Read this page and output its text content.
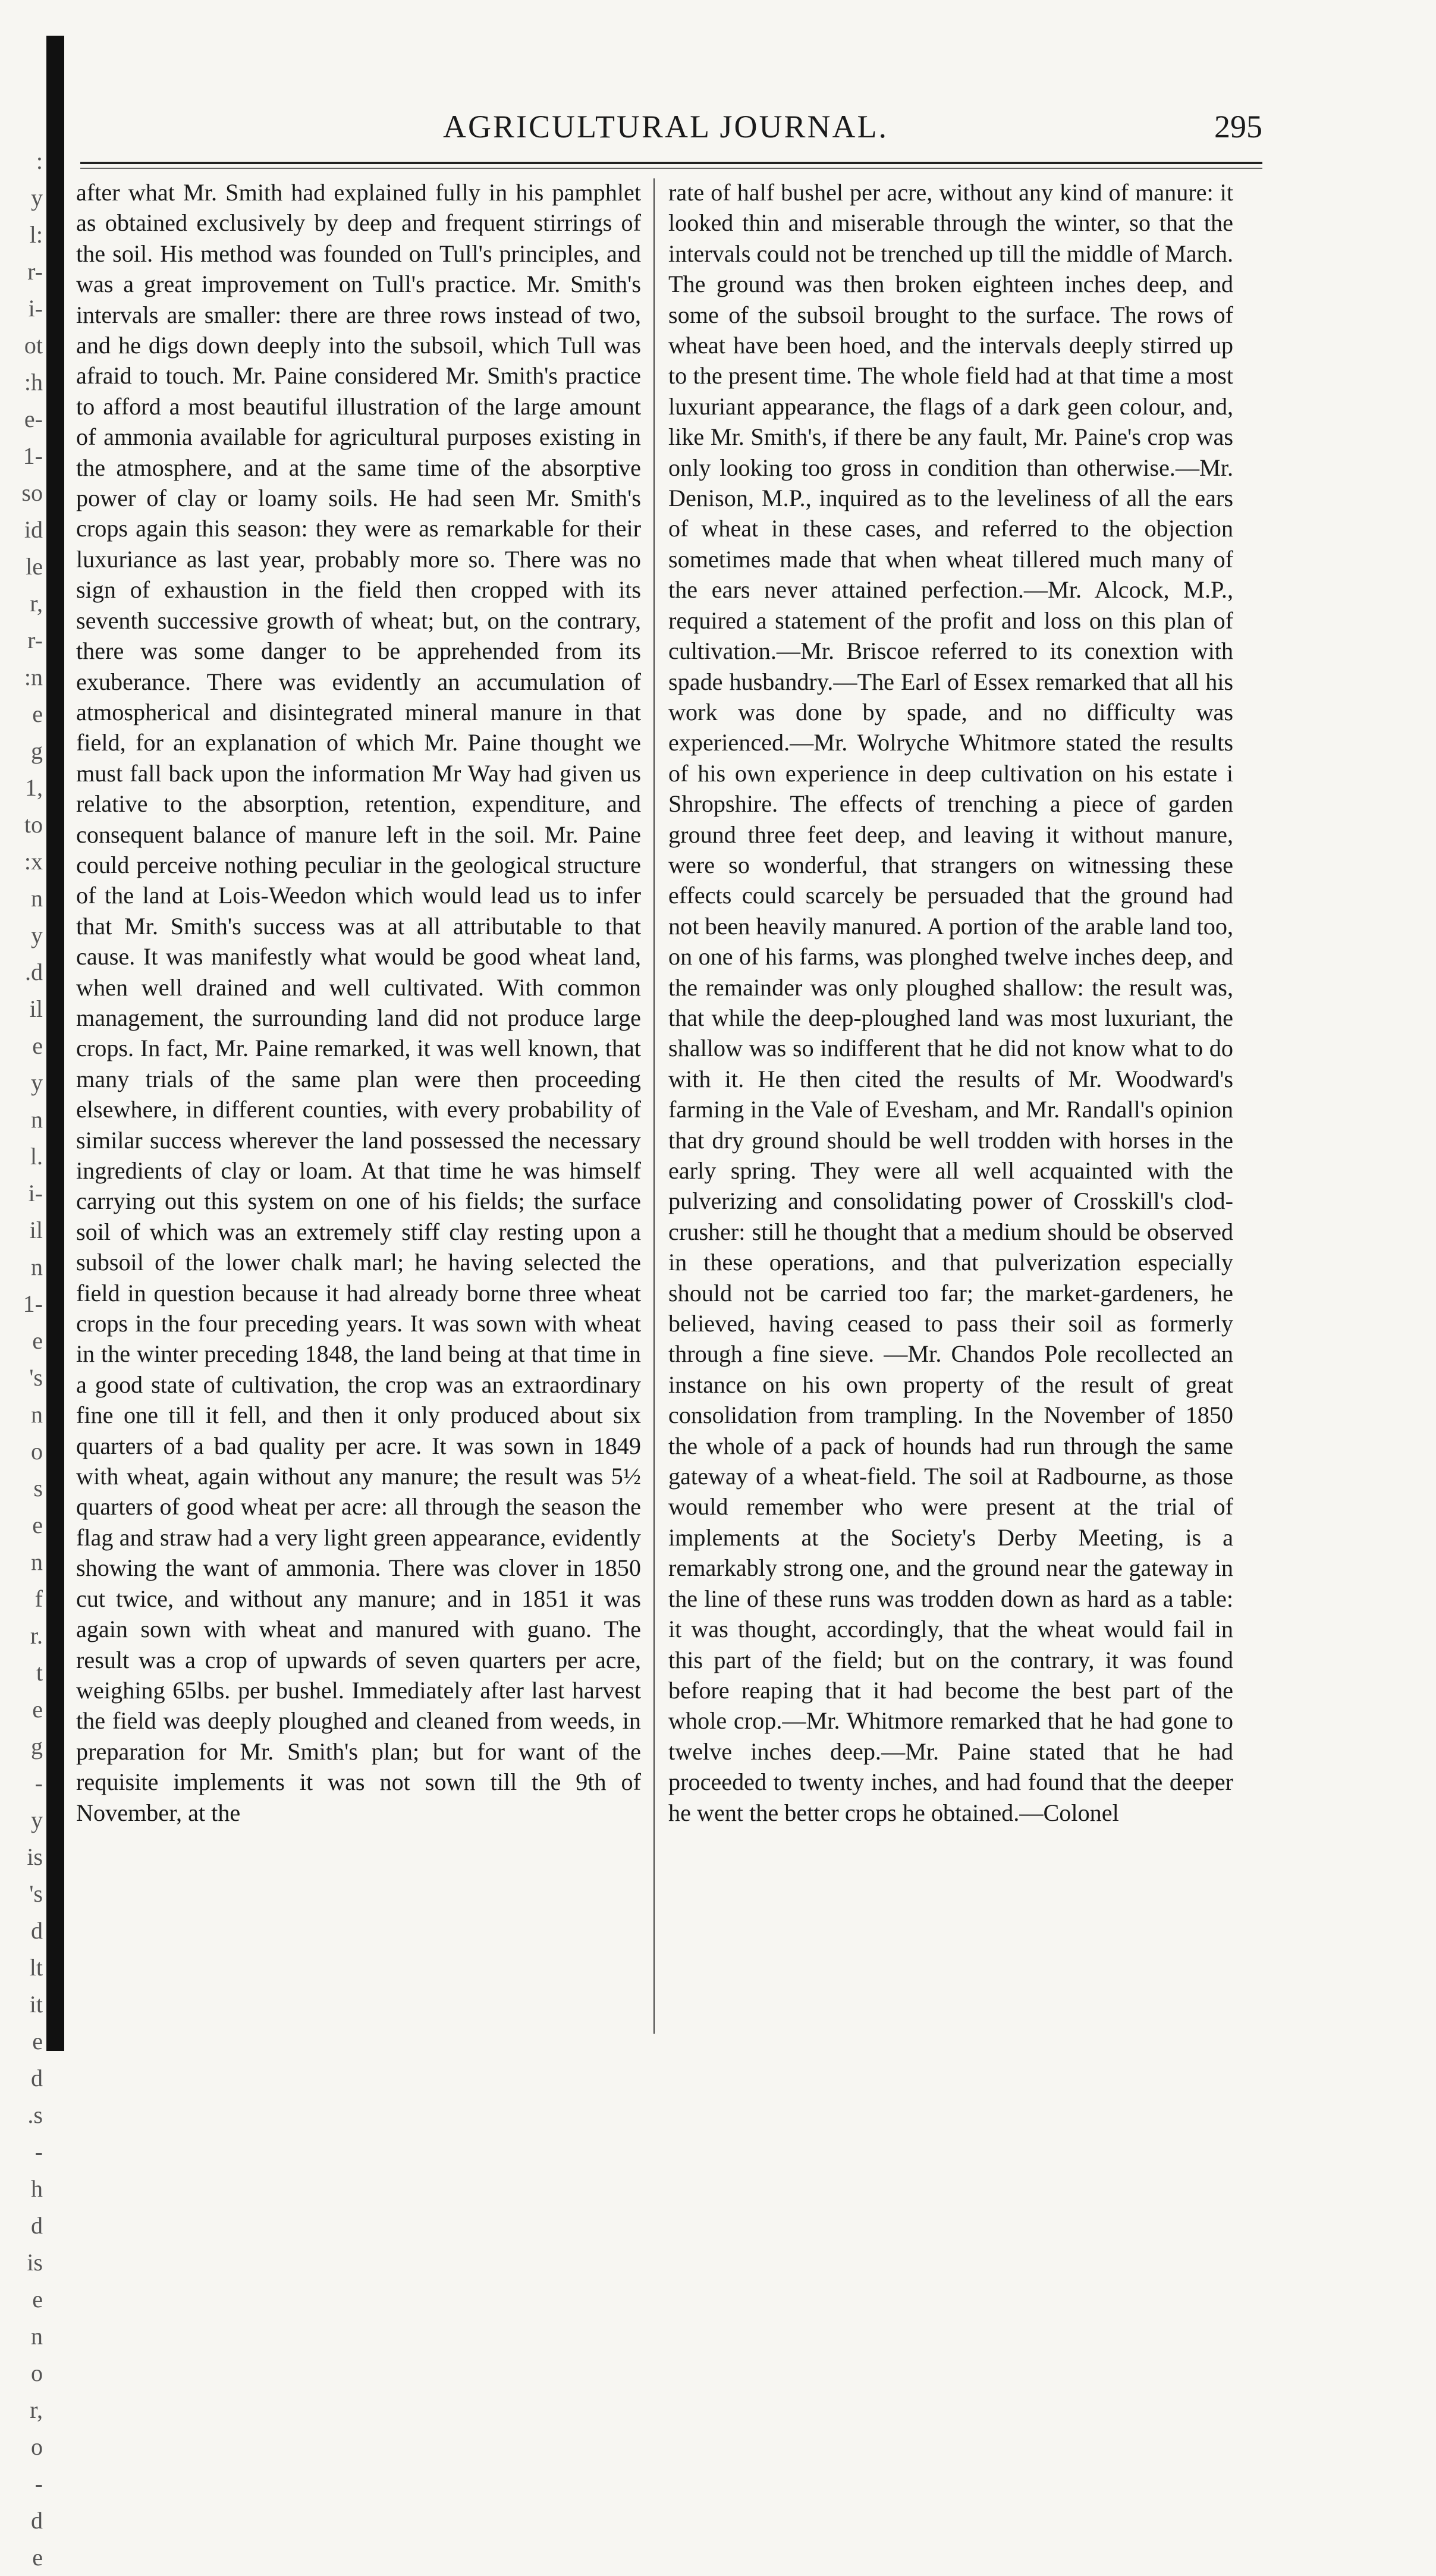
:
y
l:
r-
i-
ot
:h
e-
1-
so
id
le
r,
r-
:n
e
g
1,
to
:x
n
y
.d
il
e
y
n
l.
i-
il
n
1-
e
's
n
o
s
e
n
f
r.
t
e
g
-
y
is
's
d
lt
it
e
d
.s
-
h
d
is
e
n
o
r,
o
-
d
e
AGRICULTURAL JOURNAL.	295

after what Mr. Smith had explained fully in his pamphlet as obtained exclusively by deep and frequent stirrings of the soil. His method was founded on Tull's principles, and was a great improvement on Tull's practice. Mr. Smith's intervals are smaller: there are three rows instead of two, and he digs down deeply into the subsoil, which Tull was afraid to touch. Mr. Paine considered Mr. Smith's practice to afford a most beautiful illustration of the large amount of ammonia available for agricultural purposes existing in the atmosphere, and at the same time of the absorptive power of clay or loamy soils. He had seen Mr. Smith's crops again this season: they were as remarkable for their luxuriance as last year, probably more so. There was no sign of exhaustion in the field then cropped with its seventh successive growth of wheat; but, on the contrary, there was some danger to be apprehended from its exuberance. There was evidently an accumulation of atmospherical and disintegrated mineral manure in that field, for an explanation of which Mr. Paine thought we must fall back upon the information Mr Way had given us relative to the absorption, retention, expenditure, and consequent balance of manure left in the soil. Mr. Paine could perceive nothing peculiar in the geological structure of the land at Lois-Weedon which would lead us to infer that Mr. Smith's success was at all attributable to that cause. It was manifestly what would be good wheat land, when well drained and well cultivated. With common management, the surrounding land did not produce large crops. In fact, Mr. Paine remarked, it was well known, that many trials of the same plan were then proceeding elsewhere, in different counties, with every probability of similar success wherever the land possessed the necessary ingredients of clay or loam. At that time he was himself carrying out this system on one of his fields; the surface soil of which was an extremely stiff clay resting upon a subsoil of the lower chalk marl; he having selected the field in question because it had already borne three wheat crops in the four preceding years. It was sown with wheat in the winter preceding 1848, the land being at that time in a good state of cultivation, the crop was an extraordinary fine one till it fell, and then it only produced about six quarters of a bad quality per acre. It was sown in 1849 with wheat, again without any manure; the result was 5½ quarters of good wheat per acre: all through the season the flag and straw had a very light green appearance, evidently showing the want of ammonia. There was clover in 1850 cut twice, and without any manure; and in 1851 it was again sown with wheat and manured with guano. The result was a crop of upwards of seven quarters per acre, weighing 65lbs. per bushel. Immediately after last harvest the field was deeply ploughed and cleaned from weeds, in preparation for Mr. Smith's plan; but for want of the requisite implements it was not sown till the 9th of November, at the

rate of half bushel per acre, without any kind of manure: it looked thin and miserable through the winter, so that the intervals could not be trenched up till the middle of March. The ground was then broken eighteen inches deep, and some of the subsoil brought to the surface. The rows of wheat have been hoed, and the intervals deeply stirred up to the present time. The whole field had at that time a most luxuriant appearance, the flags of a dark geen colour, and, like Mr. Smith's, if there be any fault, Mr. Paine's crop was only looking too gross in condition than otherwise.—Mr. Denison, M.P., inquired as to the leveliness of all the ears of wheat in these cases, and referred to the objection sometimes made that when wheat tillered much many of the ears never attained perfection.—Mr. Alcock, M.P., required a statement of the profit and loss on this plan of cultivation.—Mr. Briscoe referred to its conextion with spade husbandry.—The Earl of Essex remarked that all his work was done by spade, and no difficulty was experienced.—Mr. Wolryche Whitmore stated the results of his own experience in deep cultivation on his estate i Shropshire. The effects of trenching a piece of garden ground three feet deep, and leaving it without manure, were so wonderful, that strangers on witnessing these effects could scarcely be persuaded that the ground had not been heavily manured. A portion of the arable land too, on one of his farms, was plonghed twelve inches deep, and the remainder was only ploughed shallow: the result was, that while the deep-ploughed land was most luxuriant, the shallow was so indifferent that he did not know what to do with it. He then cited the results of Mr. Woodward's farming in the Vale of Evesham, and Mr. Randall's opinion that dry ground should be well trodden with horses in the early spring. They were all well acquainted with the pulverizing and consolidating power of Crosskill's clod-crusher: still he thought that a medium should be observed in these operations, and that pulverization especially should not be carried too far; the market-gardeners, he believed, having ceased to pass their soil as formerly through a fine sieve. —Mr. Chandos Pole recollected an instance on his own property of the result of great consolidation from trampling. In the November of 1850 the whole of a pack of hounds had run through the same gateway of a wheat-field. The soil at Radbourne, as those would remember who were present at the trial of implements at the Society's Derby Meeting, is a remarkably strong one, and the ground near the gateway in the line of these runs was trodden down as hard as a table: it was thought, accordingly, that the wheat would fail in this part of the field; but on the contrary, it was found before reaping that it had become the best part of the whole crop.—Mr. Whitmore remarked that he had gone to twelve inches deep.—Mr. Paine stated that he had proceeded to twenty inches, and had found that the deeper he went the better crops he obtained.—Colonel
